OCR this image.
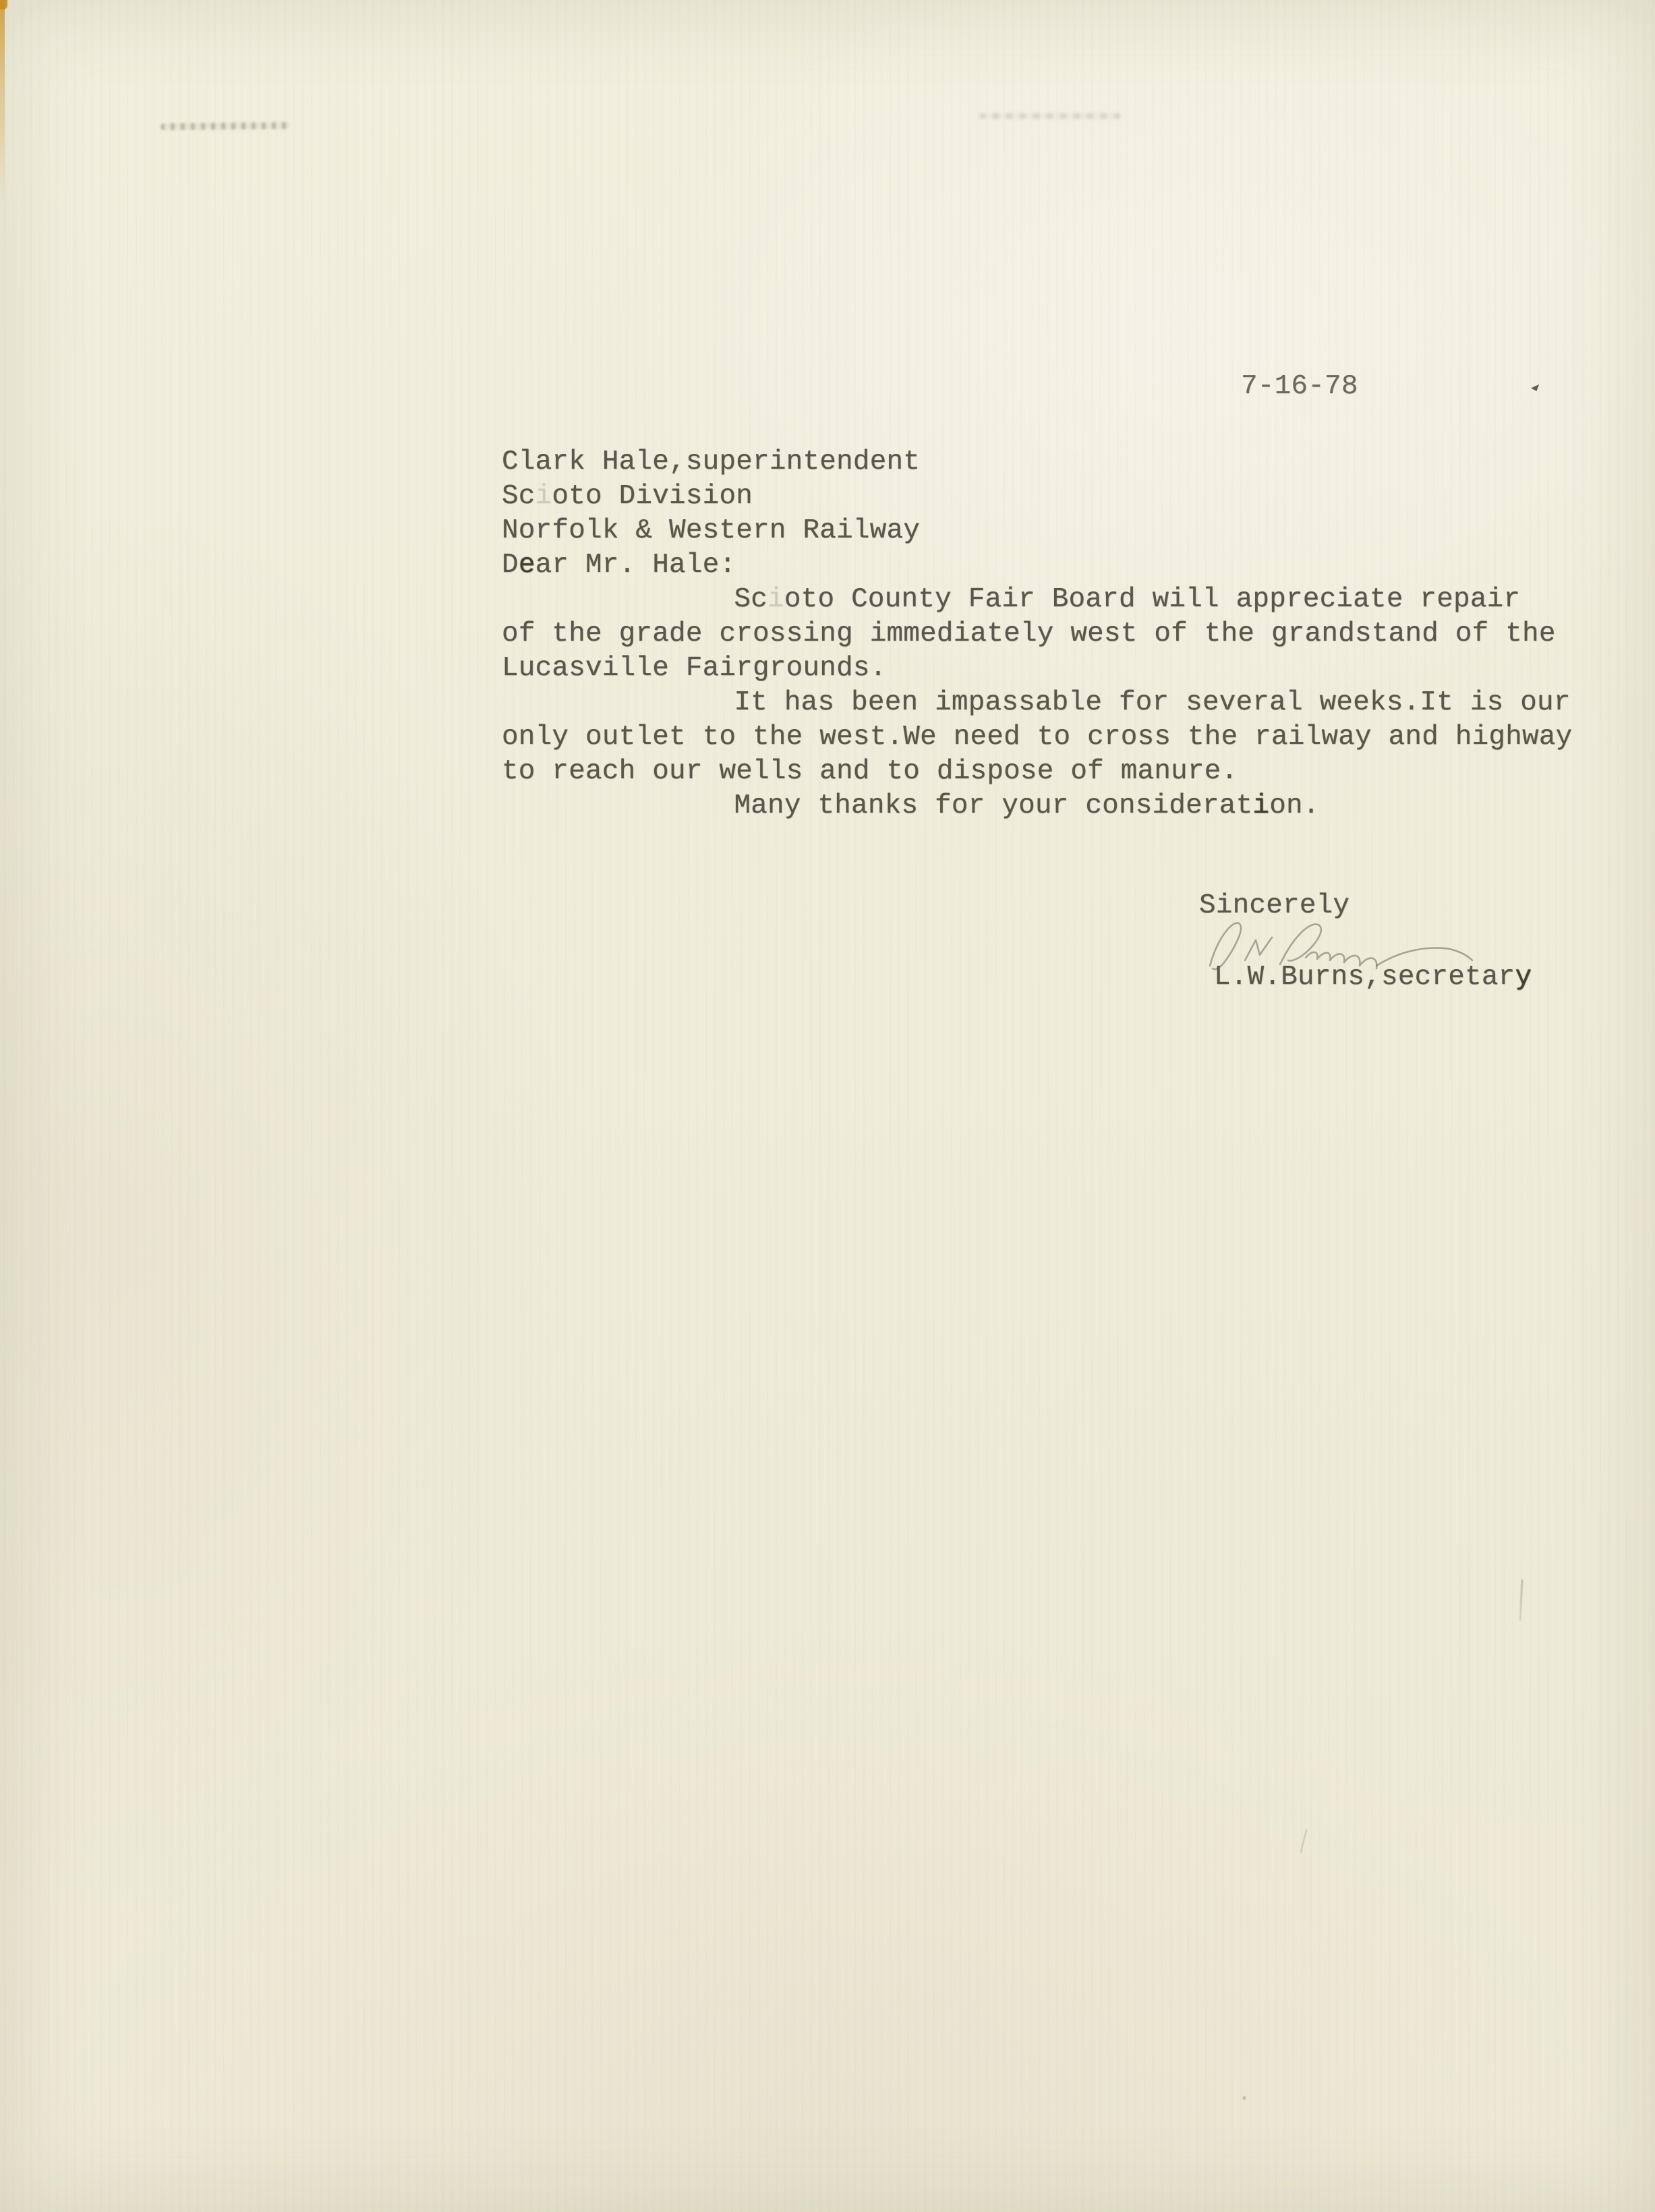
7-16-78
Clark Hale,superintendent
Scioto Division
Norfolk & Western Railway
Dear Mr. Hale:
Scioto County Fair Board will appreciate repair
of the grade crossing immediately west of the grandstand of the
Lucasville Fairgrounds.
It has been impassable for several weeks.It is our
only outlet to the west.We need to cross the railway and highway
to reach our wells and to dispose of manure.
Many thanks for your consideration.
Sincerely
L.W.Burns,secretary
